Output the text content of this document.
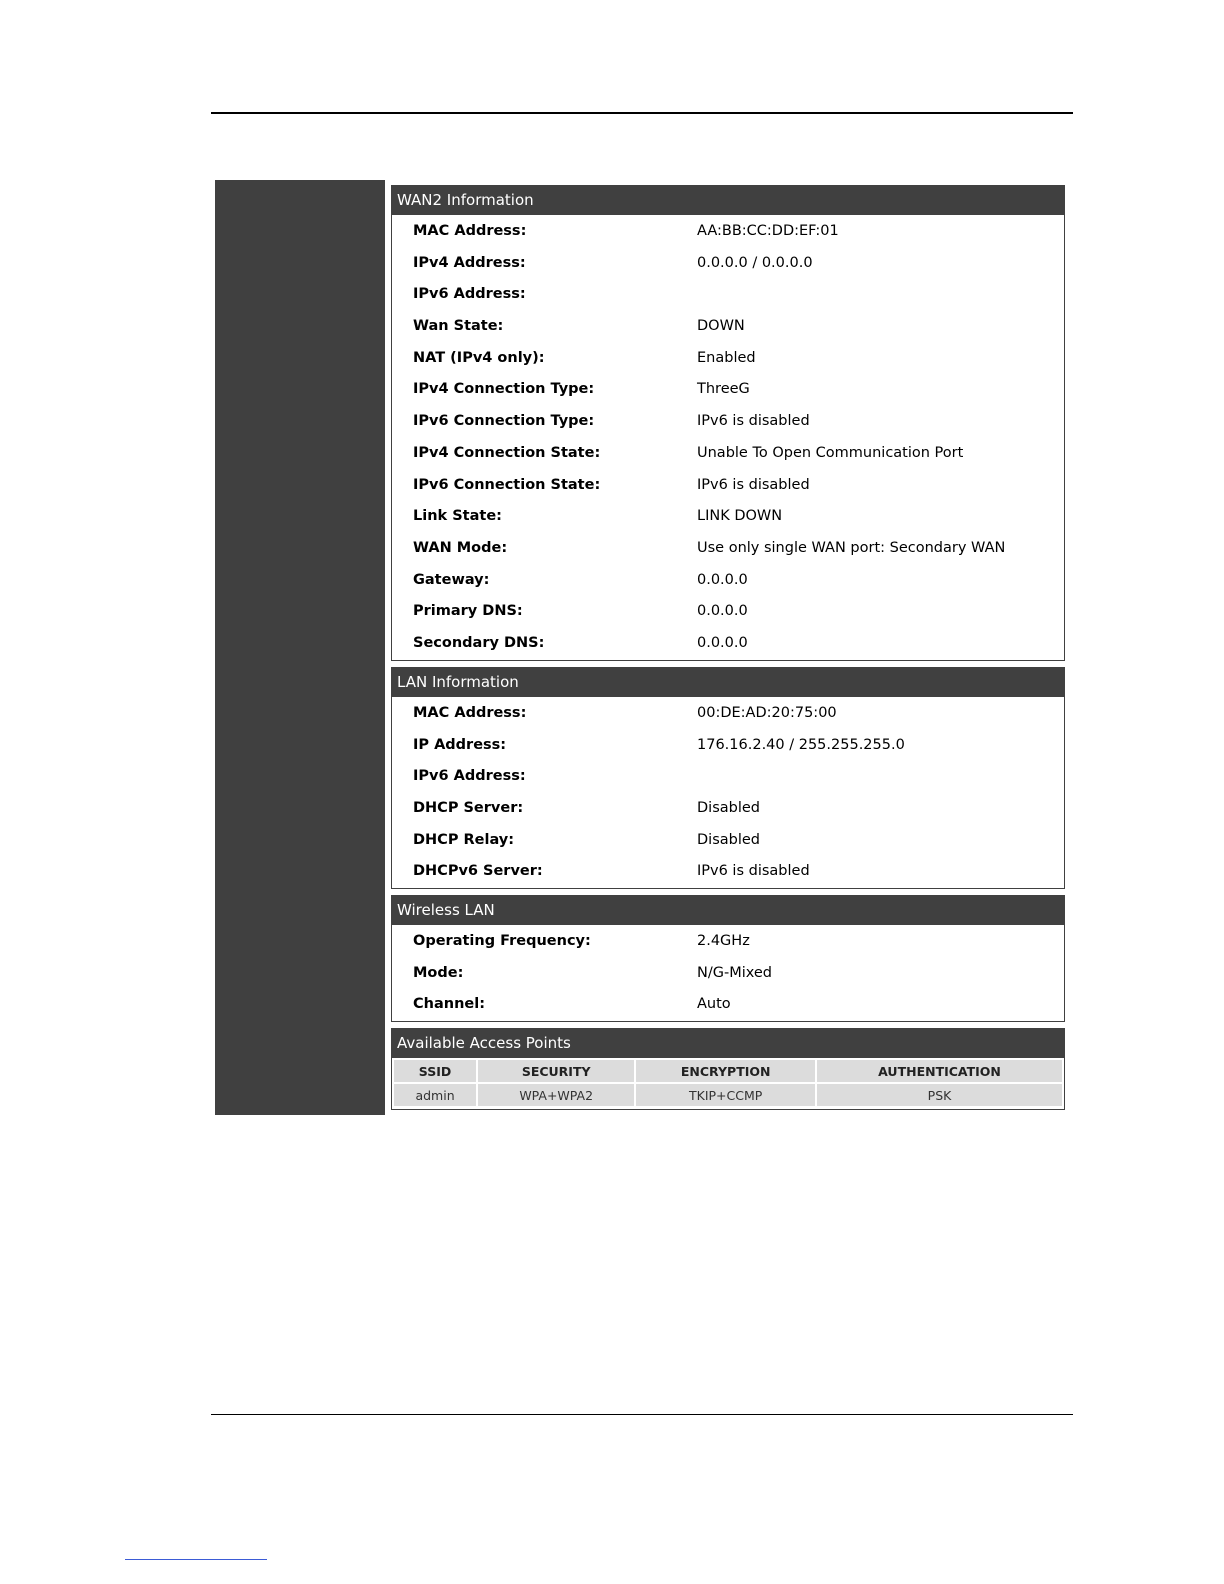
WAN2 Information
MAC Address:	AA:BB:CC:DD:EF:01
IPv4 Address:	0.0.0.0 / 0.0.0.0
IPv6 Address:
Wan State:	DOWN
NAT (IPv4 only):	Enabled
IPv4 Connection Type:	ThreeG
IPv6 Connection Type:	IPv6 is disabled
IPv4 Connection State:	Unable To Open Communication Port
IPv6 Connection State:	IPv6 is disabled
Link State:	LINK DOWN
WAN Mode:	Use only single WAN port: Secondary WAN
Gateway:	0.0.0.0
Primary DNS:	0.0.0.0
Secondary DNS:	0.0.0.0
LAN Information
MAC Address:	00:DE:AD:20:75:00
IP Address:	176.16.2.40 / 255.255.255.0
IPv6 Address:
DHCP Server:	Disabled
DHCP Relay:	Disabled
DHCPv6 Server:	IPv6 is disabled
Wireless LAN
Operating Frequency:	2.4GHz
Mode:	N/G-Mixed
Channel:	Auto
Available Access Points
SSID	SECURITY	ENCRYPTION	AUTHENTICATION
admin	WPA+WPA2	TKIP+CCMP	PSK
